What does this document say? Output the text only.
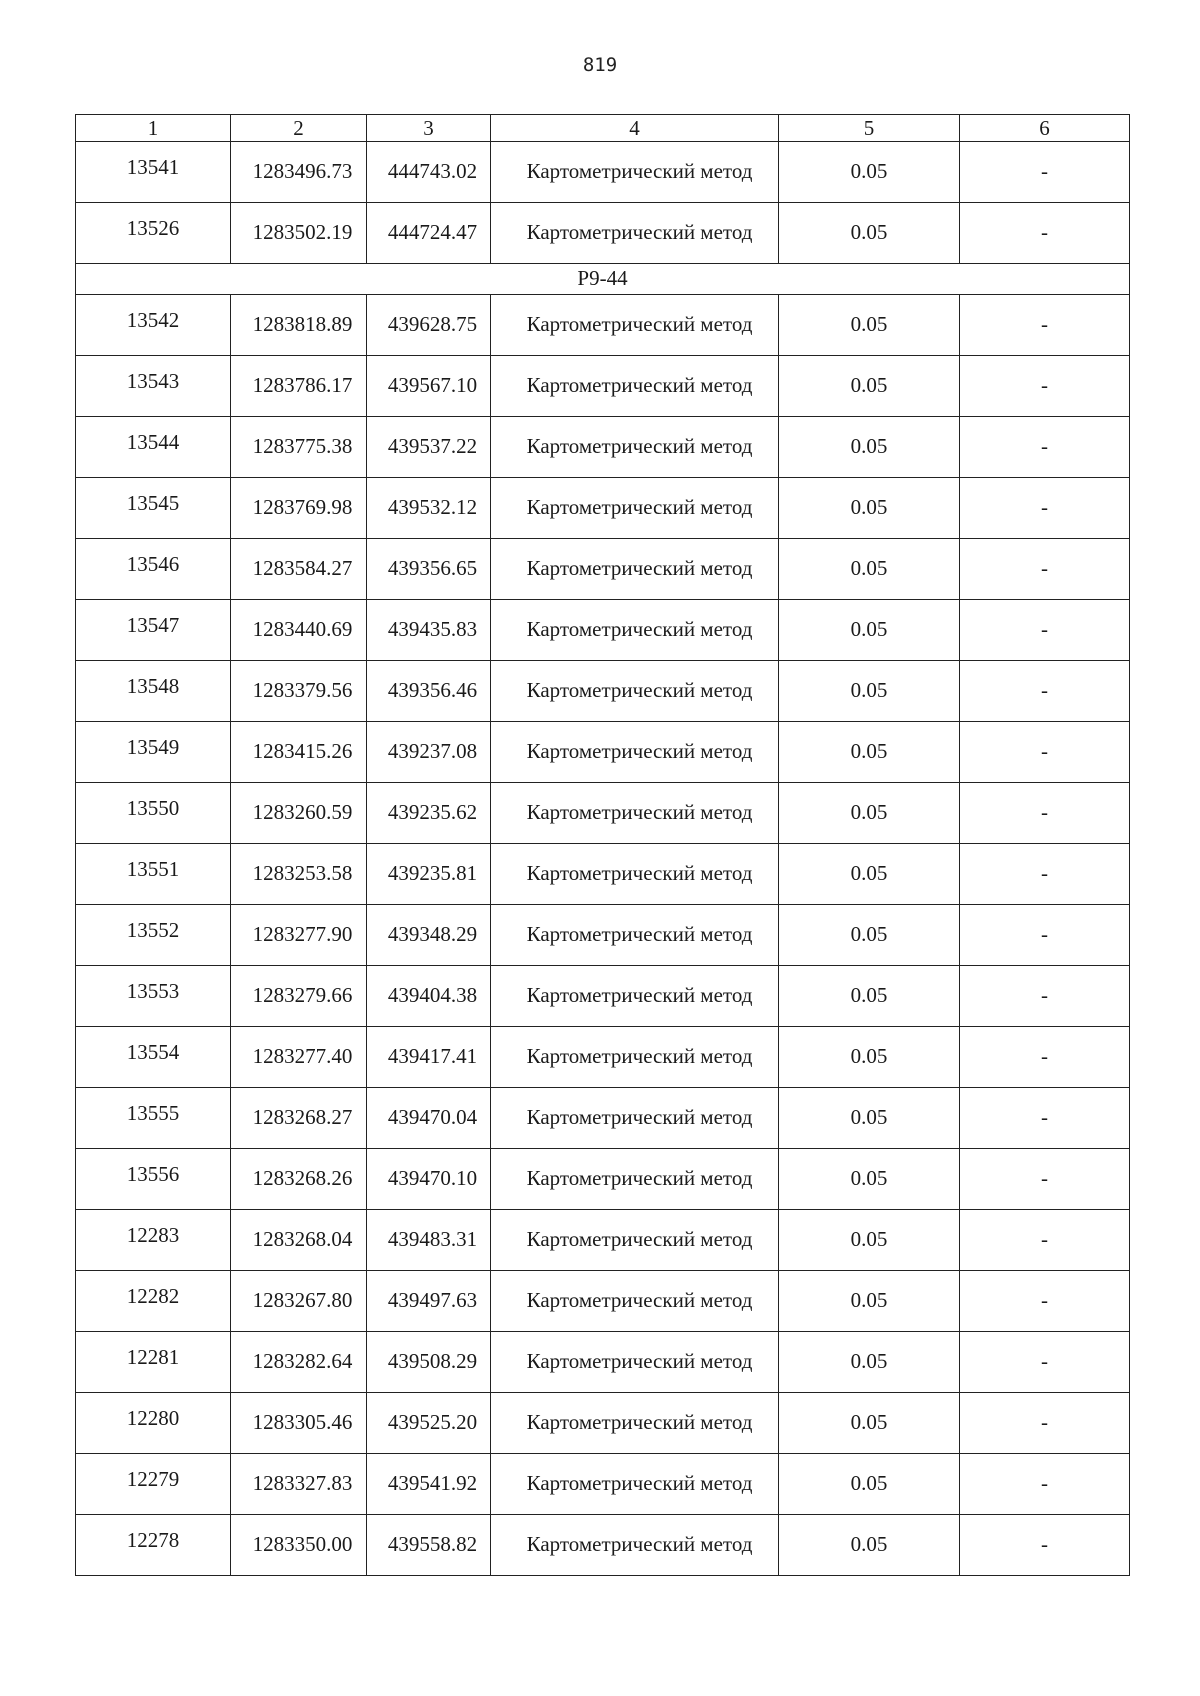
819
1	2	3	4	5	6
13541	1283496.73	444743.02	Картометрический метод	0.05	-
13526	1283502.19	444724.47	Картометрический метод	0.05	-
Р9-44					
13542	1283818.89	439628.75	Картометрический метод	0.05	-
13543	1283786.17	439567.10	Картометрический метод	0.05	-
13544	1283775.38	439537.22	Картометрический метод	0.05	-
13545	1283769.98	439532.12	Картометрический метод	0.05	-
13546	1283584.27	439356.65	Картометрический метод	0.05	-
13547	1283440.69	439435.83	Картометрический метод	0.05	-
13548	1283379.56	439356.46	Картометрический метод	0.05	-
13549	1283415.26	439237.08	Картометрический метод	0.05	-
13550	1283260.59	439235.62	Картометрический метод	0.05	-
13551	1283253.58	439235.81	Картометрический метод	0.05	-
13552	1283277.90	439348.29	Картометрический метод	0.05	-
13553	1283279.66	439404.38	Картометрический метод	0.05	-
13554	1283277.40	439417.41	Картометрический метод	0.05	-
13555	1283268.27	439470.04	Картометрический метод	0.05	-
13556	1283268.26	439470.10	Картометрический метод	0.05	-
12283	1283268.04	439483.31	Картометрический метод	0.05	-
12282	1283267.80	439497.63	Картометрический метод	0.05	-
12281	1283282.64	439508.29	Картометрический метод	0.05	-
12280	1283305.46	439525.20	Картометрический метод	0.05	-
12279	1283327.83	439541.92	Картометрический метод	0.05	-
12278	1283350.00	439558.82	Картометрический метод	0.05	-
